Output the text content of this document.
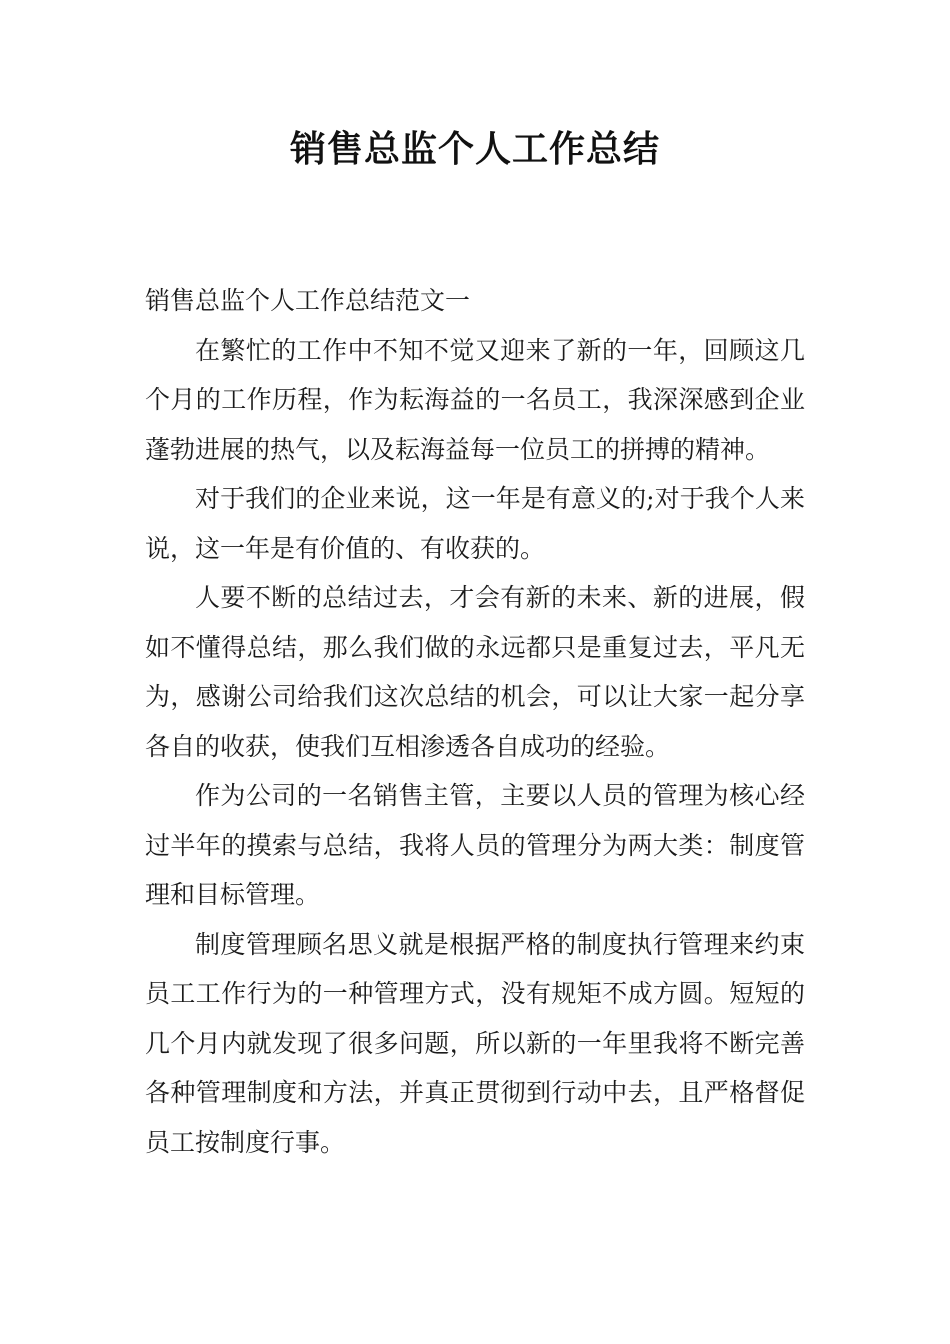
销售总监个人工作总结

销售总监个人工作总结范文一

在繁忙的工作中不知不觉又迎来了新的一年，回顾这几个月的工作历程，作为耘海益的一名员工，我深深感到企业蓬勃进展的热气，以及耘海益每一位员工的拼搏的精神。

对于我们的企业来说，这一年是有意义的;对于我个人来说，这一年是有价值的、有收获的。

人要不断的总结过去，才会有新的未来、新的进展，假如不懂得总结，那么我们做的永远都只是重复过去，平凡无为，感谢公司给我们这次总结的机会，可以让大家一起分享各自的收获，使我们互相渗透各自成功的经验。

作为公司的一名销售主管，主要以人员的管理为核心经过半年的摸索与总结，我将人员的管理分为两大类：制度管理和目标管理。

制度管理顾名思义就是根据严格的制度执行管理来约束员工工作行为的一种管理方式，没有规矩不成方圆。短短的几个月内就发现了很多问题，所以新的一年里我将不断完善各种管理制度和方法，并真正贯彻到行动中去，且严格督促员工按制度行事。
